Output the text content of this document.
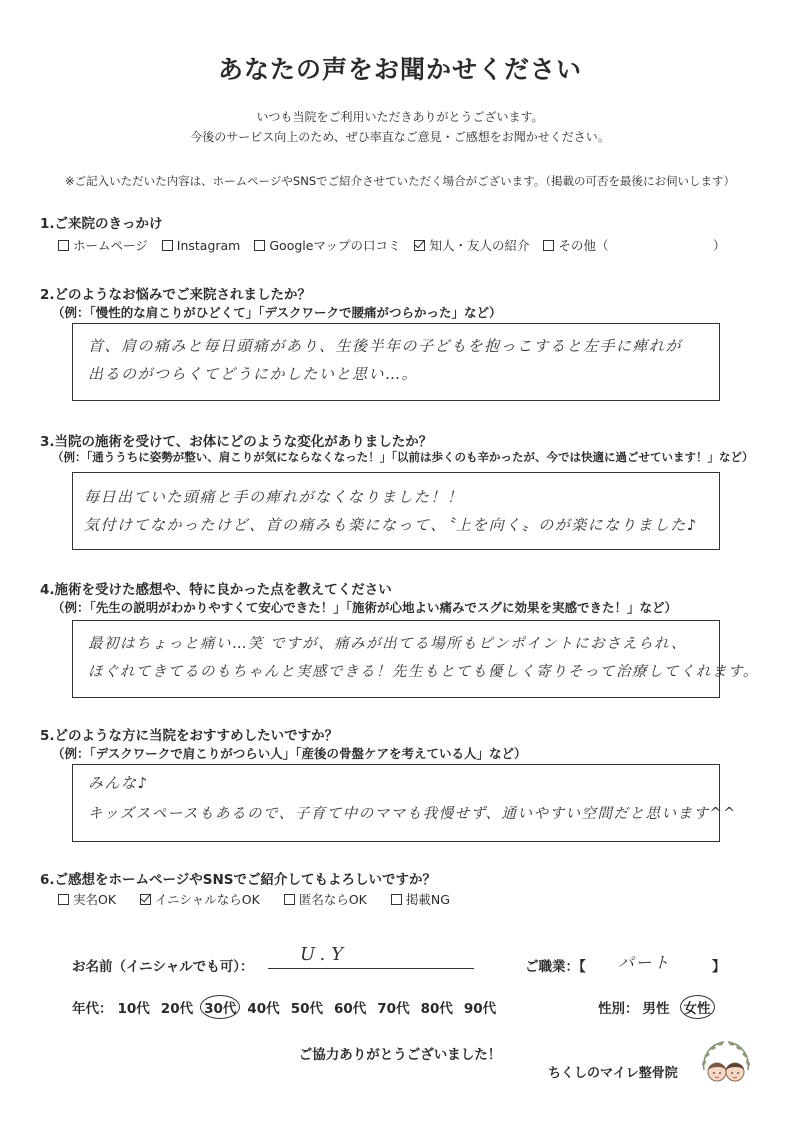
あなたの声をお聞かせください
いつも当院をご利用いただきありがとうございます。
今後のサービス向上のため、ぜひ率直なご意見・ご感想をお聞かせください。
※ご記入いただいた内容は、ホームページやSNSでご紹介させていただく場合がございます。（掲載の可否を最後にお伺いします）
1.ご来院のきっかけ
ホームページ Instagram Googleマップの口コミ 知人・友人の紹介 その他（	）
2.どのようなお悩みでご来院されましたか？
（例：「慢性的な肩こりがひどくて」「デスクワークで腰痛がつらかった」など）
首、肩の痛みと毎日頭痛があり、生後半年の子どもを抱っこすると左手に痺れが
出るのがつらくてどうにかしたいと思い…。
3.当院の施術を受けて、お体にどのような変化がありましたか？
（例：「通ううちに姿勢が整い、肩こりが気にならなくなった！」「以前は歩くのも辛かったが、今では快適に過ごせています！」など）
毎日出ていた頭痛と手の痺れがなくなりました！！
気付けてなかったけど、首の痛みも楽になって、〝上を向く〟のが楽になりました♪
4.施術を受けた感想や、特に良かった点を教えてください
（例：「先生の説明がわかりやすくて安心できた！」「施術が心地よい痛みでスグに効果を実感できた！」など）
最初はちょっと痛い…笑 ですが、痛みが出てる場所もピンポイントにおさえられ、
ほぐれてきてるのもちゃんと実感できる！先生もとても優しく寄りそって治療してくれます。
5.どのような方に当院をおすすめしたいですか？
（例：「デスクワークで肩こりがつらい人」「産後の骨盤ケアを考えている人」など）
みんな♪
キッズスペースもあるので、子育て中のママも我慢せず、通いやすい空間だと思います^^
6.ご感想をホームページやSNSでご紹介してもよろしいですか？
実名OK	イニシャルならOK	匿名ならOK	掲載NG
お名前（イニシャルでも可）：
U.Y
ご職業：【 パート	】
年代： 10代 20代 30代 40代 50代 60代 70代 80代 90代	性別： 男性 女性
ご協力ありがとうございました！
ちくしのマイレ整骨院
